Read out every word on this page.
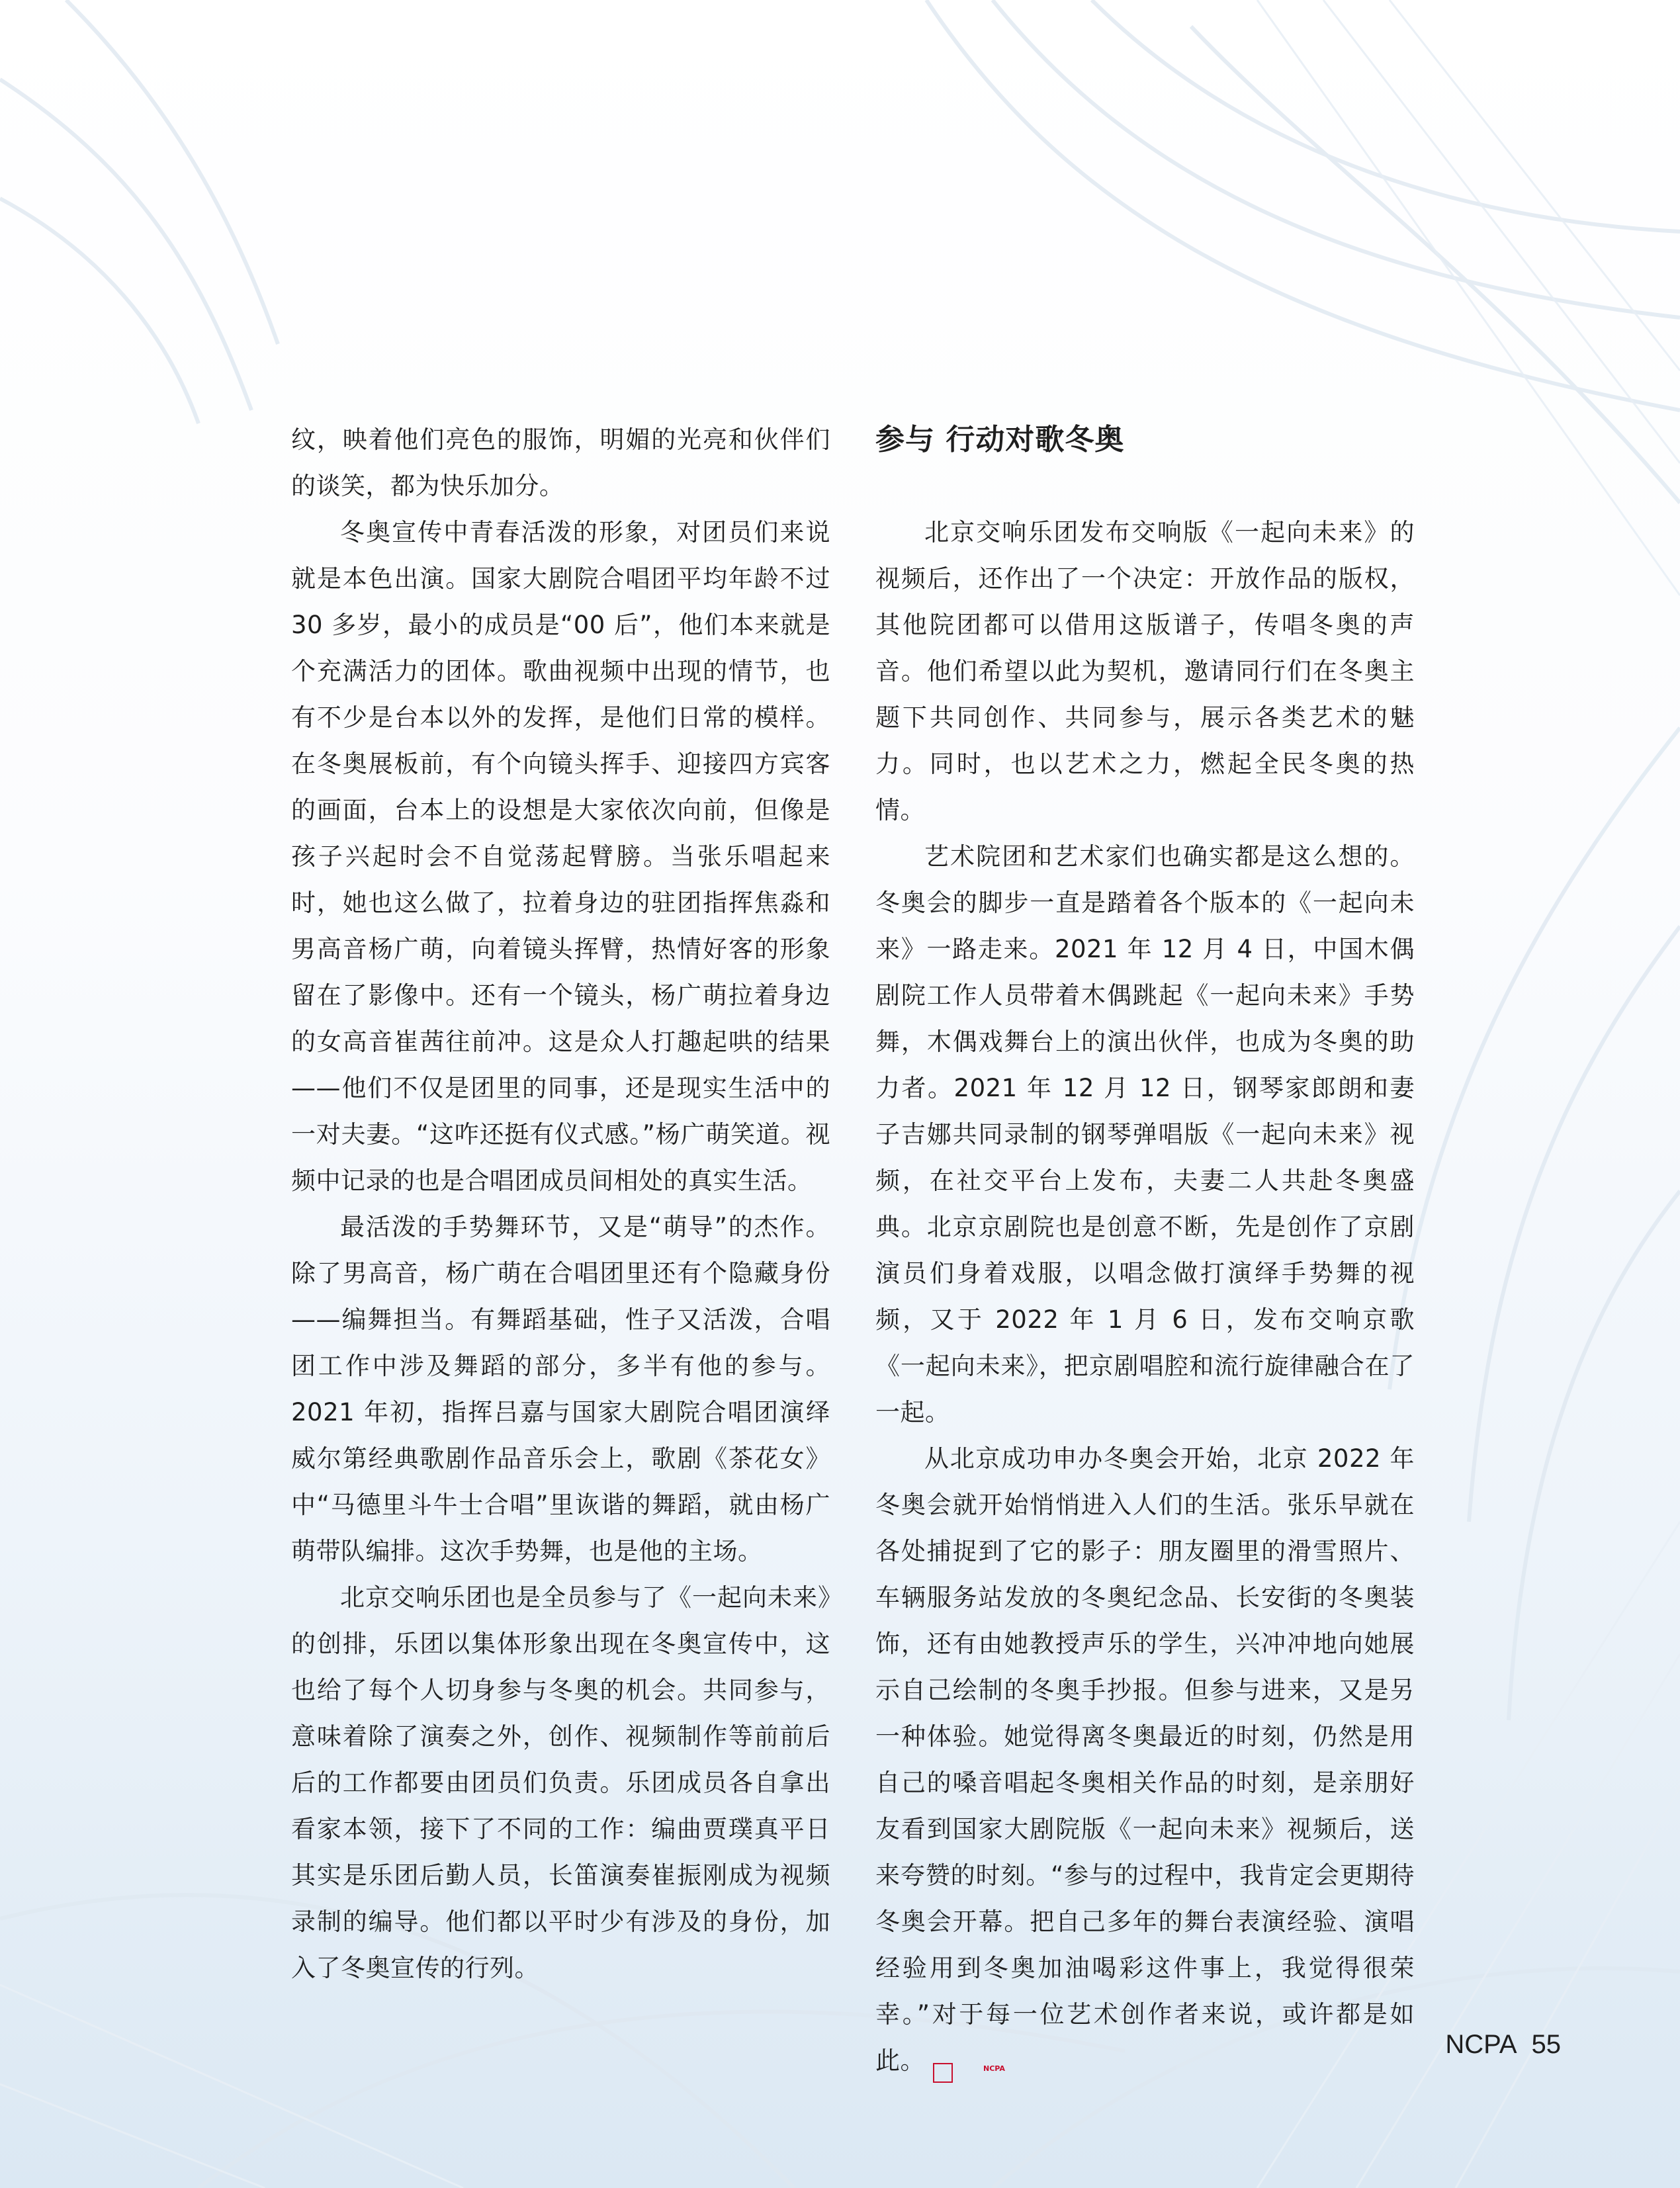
纹，映着他们亮色的服饰，明媚的光亮和伙伴们的谈笑，都为快乐加分。

冬奥宣传中青春活泼的形象，对团员们来说就是本色出演。国家大剧院合唱团平均年龄不过 30 多岁，最小的成员是“00 后”，他们本来就是个充满活力的团体。歌曲视频中出现的情节，也有不少是台本以外的发挥，是他们日常的模样。在冬奥展板前，有个向镜头挥手、迎接四方宾客的画面，台本上的设想是大家依次向前，但像是孩子兴起时会不自觉荡起臂膀。当张乐唱起来时，她也这么做了，拉着身边的驻团指挥焦淼和男高音杨广萌，向着镜头挥臂，热情好客的形象留在了影像中。还有一个镜头，杨广萌拉着身边的女高音崔茜往前冲。这是众人打趣起哄的结果——他们不仅是团里的同事，还是现实生活中的一对夫妻。“这咋还挺有仪式感。”杨广萌笑道。视频中记录的也是合唱团成员间相处的真实生活。

最活泼的手势舞环节，又是“萌导”的杰作。除了男高音，杨广萌在合唱团里还有个隐藏身份——编舞担当。有舞蹈基础，性子又活泼，合唱团工作中涉及舞蹈的部分，多半有他的参与。2021 年初，指挥吕嘉与国家大剧院合唱团演绎威尔第经典歌剧作品音乐会上，歌剧《茶花女》中“马德里斗牛士合唱”里诙谐的舞蹈，就由杨广萌带队编排。这次手势舞，也是他的主场。

北京交响乐团也是全员参与了《一起向未来》的创排，乐团以集体形象出现在冬奥宣传中，这也给了每个人切身参与冬奥的机会。共同参与，意味着除了演奏之外，创作、视频制作等前前后后的工作都要由团员们负责。乐团成员各自拿出看家本领，接下了不同的工作：编曲贾璞真平日其实是乐团后勤人员，长笛演奏崔振刚成为视频录制的编导。他们都以平时少有涉及的身份，加入了冬奥宣传的行列。

参与 行动对歌冬奥

北京交响乐团发布交响版《一起向未来》的视频后，还作出了一个决定：开放作品的版权，其他院团都可以借用这版谱子，传唱冬奥的声音。他们希望以此为契机，邀请同行们在冬奥主题下共同创作、共同参与，展示各类艺术的魅力。同时，也以艺术之力，燃起全民冬奥的热情。

艺术院团和艺术家们也确实都是这么想的。冬奥会的脚步一直是踏着各个版本的《一起向未来》一路走来。2021 年 12 月 4 日，中国木偶剧院工作人员带着木偶跳起《一起向未来》手势舞，木偶戏舞台上的演出伙伴，也成为冬奥的助力者。2021 年 12 月 12 日，钢琴家郎朗和妻子吉娜共同录制的钢琴弹唱版《一起向未来》视频，在社交平台上发布，夫妻二人共赴冬奥盛典。北京京剧院也是创意不断，先是创作了京剧演员们身着戏服，以唱念做打演绎手势舞的视频，又于 2022 年 1 月 6 日，发布交响京歌《一起向未来》，把京剧唱腔和流行旋律融合在了一起。

从北京成功申办冬奥会开始，北京 2022 年冬奥会就开始悄悄进入人们的生活。张乐早就在各处捕捉到了它的影子：朋友圈里的滑雪照片、车辆服务站发放的冬奥纪念品、长安街的冬奥装饰，还有由她教授声乐的学生，兴冲冲地向她展示自己绘制的冬奥手抄报。但参与进来，又是另一种体验。她觉得离冬奥最近的时刻，仍然是用自己的嗓音唱起冬奥相关作品的时刻，是亲朋好友看到国家大剧院版《一起向未来》视频后，送来夸赞的时刻。“参与的过程中，我肯定会更期待冬奥会开幕。把自己多年的舞台表演经验、演唱经验用到冬奥加油喝彩这件事上，我觉得很荣幸。”对于每一位艺术创作者来说，或许都是如此。	NCPA

NCPA 55
